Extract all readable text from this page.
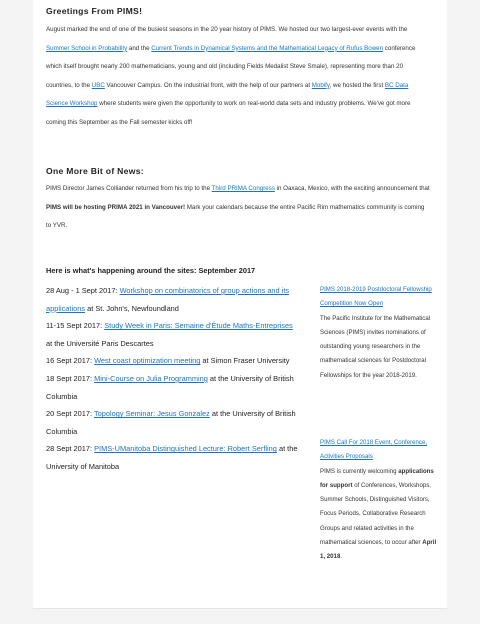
Greetings From PIMS!
August marked the end of one of the busiest seasons in the 20 year history of PIMS. We hosted our two largest-ever events with the Summer School in Probability and the Current Trends in Dynamical Systems and the Mathematical Legacy of Rufus Bowen conference which itself brought nearly 200 mathematicians, young and old (including Fields Medalist Steve Smale), representing more than 20 countries, to the UBC Vancouver Campus. On the industrial front, with the help of our partners at Mobify, we hosted the first BC Data Science Workshop where students were given the opportunity to work on real-world data sets and industry problems. We've got more coming this September as the Fall semester kicks off!
One More Bit of News:
PIMS Director James Colliander returned from his trip to the Third PRIMA Congress in Oaxaca, Mexico, with the exciting announcement that PIMS will be hosting PRIMA 2021 in Vancouver! Mark your calendars because the entire Pacific Rim mathematics community is coming to YVR.
Here is what's happening around the sites: September 2017

28 Aug - 1 Sept 2017: Workshop on combinatorics of group actions and its applications at St. John's, Newfoundland

11-15 Sept 2017: Study Week in Paris: Semaine d'Étude Maths-Entreprises at the Université Paris Descartes

16 Sept 2017: West coast optimization meeting at Simon Fraser University

18 Sept 2017: Mini-Course on Julia Programming at the University of British Columbia

20 Sept 2017: Topology Seminar: Jesus Gonzalez at the University of British Columbia

28 Sept 2017: PIMS-UManitoba Distinguished Lecture: Robert Serfling at the University of Manitoba

PIMS 2018-2019 Postdoctoral Fellowship Competition Now Open
The Pacific Institute for the Mathematical Sciences (PIMS) invites nominations of outstanding young researchers in the mathematical sciences for Postdoctoral Fellowships for the year 2018-2019.
PIMS Call For 2018 Event, Conference, Activities Proposals
PIMS is currently welcoming applications for support of Conferences, Workshops, Summer Schools, Distinguished Visitors, Focus Periods, Collaborative Research Groups and related activities in the mathematical sciences, to occur after April 1, 2018.
